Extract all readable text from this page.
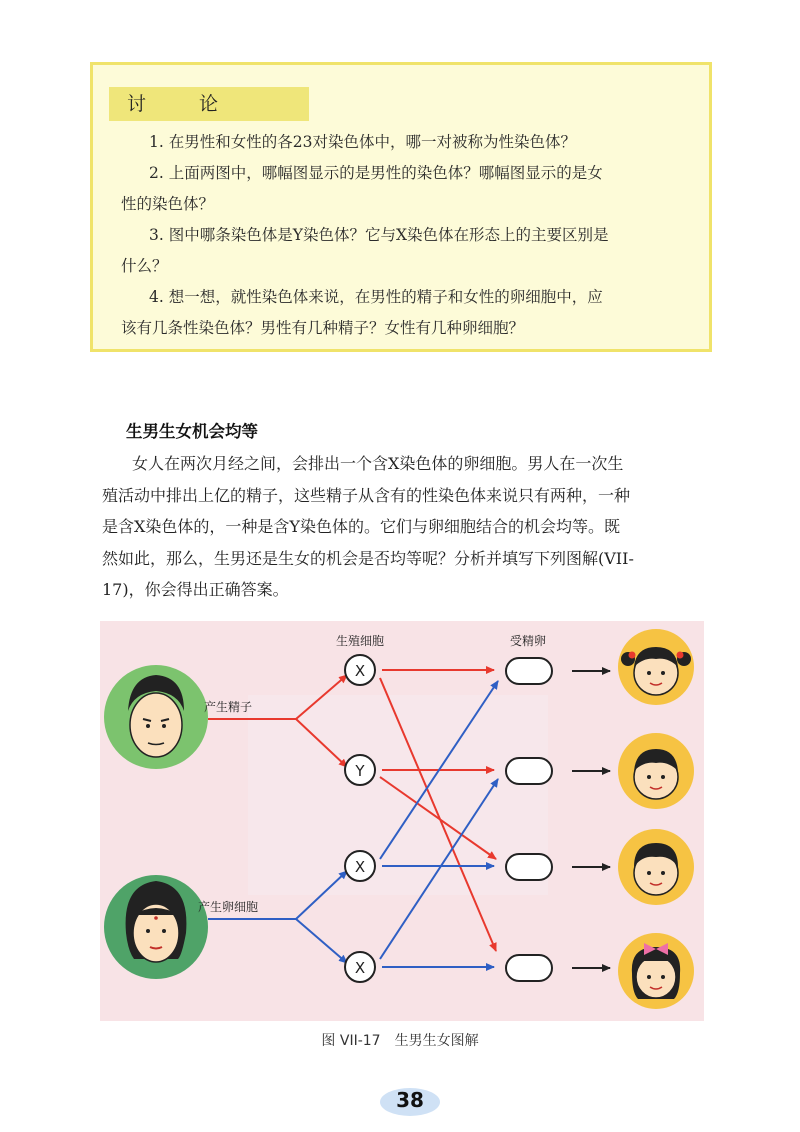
讨	论
1. 在男性和女性的各23对染色体中，哪一对被称为性染色体？
2. 上面两图中，哪幅图显示的是男性的染色体？哪幅图显示的是女
性的染色体？
3. 图中哪条染色体是Y染色体？它与X染色体在形态上的主要区别是
什么？
4. 想一想，就性染色体来说，在男性的精子和女性的卵细胞中，应
该有几条性染色体？男性有几种精子？女性有几种卵细胞？
生男生女机会均等
女人在两次月经之间，会排出一个含X染色体的卵细胞。男人在一次生
殖活动中排出上亿的精子，这些精子从含有的性染色体来说只有两种，一种
是含X染色体的，一种是含Y染色体的。它们与卵细胞结合的机会均等。既
然如此，那么，生男还是生女的机会是否均等呢？分析并填写下列图解(VII-
17)，你会得出正确答案。
生殖细胞	受精卵
产生精子
产生卵细胞
X
Y
X
X
图 VII-17　生男生女图解
38
